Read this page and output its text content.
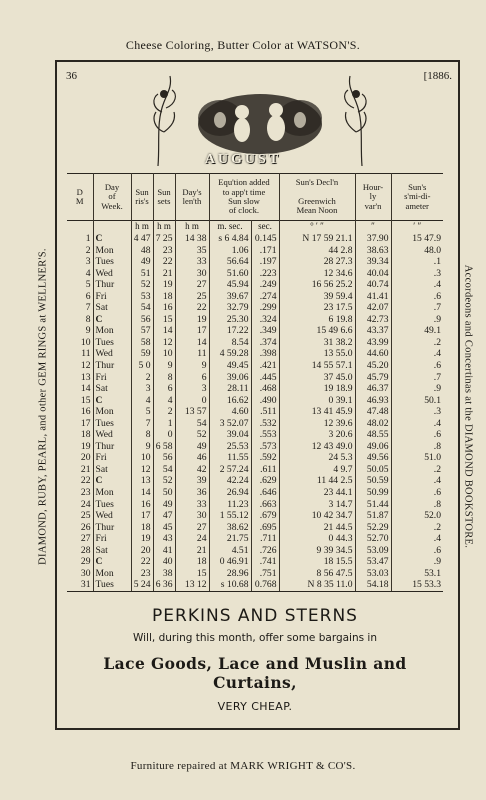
Cheese Coloring, Butter Color at WATSON'S.
DIAMOND, RUBY, PEARL, and other GEM RINGS at WELLNER'S.	Accordeons and Concertinas at the DIAMOND BOOKSTORE.
36	[1886.
AUGUST
D
M	Day
of
Week.	Sun
ris's	Sun
sets	Day's
len'th	Equ'tion added
to app't time
Sun slow
of clock.		Sun's Decl'n

Greenwich
Mean Noon	Hour-
ly
var'n	Sun's
s'mi-di-
ameter
		h m	h m	h m	m. sec.	sec.	° ′ ″	″	′ ″
1	C	4 47	7 25	14 38	s 6 4.84	0.145	N 17 59 21.1	37.90	15 47.9
2	Mon	48	23	35	1.06	.171	44 2.8	38.63	48.0
3	Tues	49	22	33	56.64	.197	28 27.3	39.34	.1
4	Wed	51	21	30	51.60	.223	12 34.6	40.04	.3
5	Thur	52	19	27	45.94	.249	16 56 25.2	40.74	.4
6	Fri	53	18	25	39.67	.274	39 59.4	41.41	.6
7	Sat	54	16	22	32.79	.299	23 17.5	42.07	.7
8	C	56	15	19	25.30	.324	6 19.8	42.73	.9
9	Mon	57	14	17	17.22	.349	15 49 6.6	43.37	49.1
10	Tues	58	12	14	8.54	.374	31 38.2	43.99	.2
11	Wed	59	10	11	4 59.28	.398	13 55.0	44.60	.4
12	Thur	5 0	9	9	49.45	.421	14 55 57.1	45.20	.6
13	Fri	2	8	6	39.06	.445	37 45.0	45.79	.7
14	Sat	3	6	3	28.11	.468	19 18.9	46.37	.9
15	C	4	4	0	16.62	.490	0 39.1	46.93	50.1
16	Mon	5	2	13 57	4.60	.511	13 41 45.9	47.48	.3
17	Tues	7	1	54	3 52.07	.532	12 39.6	48.02	.4
18	Wed	8	0	52	39.04	.553	3 20.6	48.55	.6
19	Thur	9	6 58	49	25.53	.573	12 43 49.0	49.06	.8
20	Fri	10	56	46	11.55	.592	24 5.3	49.56	51.0
21	Sat	12	54	42	2 57.24	.611	4 9.7	50.05	.2
22	C	13	52	39	42.24	.629	11 44 2.5	50.59	.4
23	Mon	14	50	36	26.94	.646	23 44.1	50.99	.6
24	Tues	16	49	33	11.23	.663	3 14.7	51.44	.8
25	Wed	17	47	30	1 55.12	.679	10 42 34.7	51.87	52.0
26	Thur	18	45	27	38.62	.695	21 44.5	52.29	.2
27	Fri	19	43	24	21.75	.711	0 44.3	52.70	.4
28	Sat	20	41	21	4.51	.726	9 39 34.5	53.09	.6
29	C	22	40	18	0 46.91	.741	18 15.5	53.47	.9
30	Mon	23	38	15	28.96	.751	8 56 47.5	53.03	53.1
31	Tues	5 24	6 36	13 12	s 10.68	0.768	N 8 35 11.0	54.18	15 53.3
PERKINS AND STERNS
Will, during this month, offer some bargains in
Lace Goods, Lace and Muslin and Curtains,
VERY CHEAP.
Furniture repaired at MARK WRIGHT & CO'S.
